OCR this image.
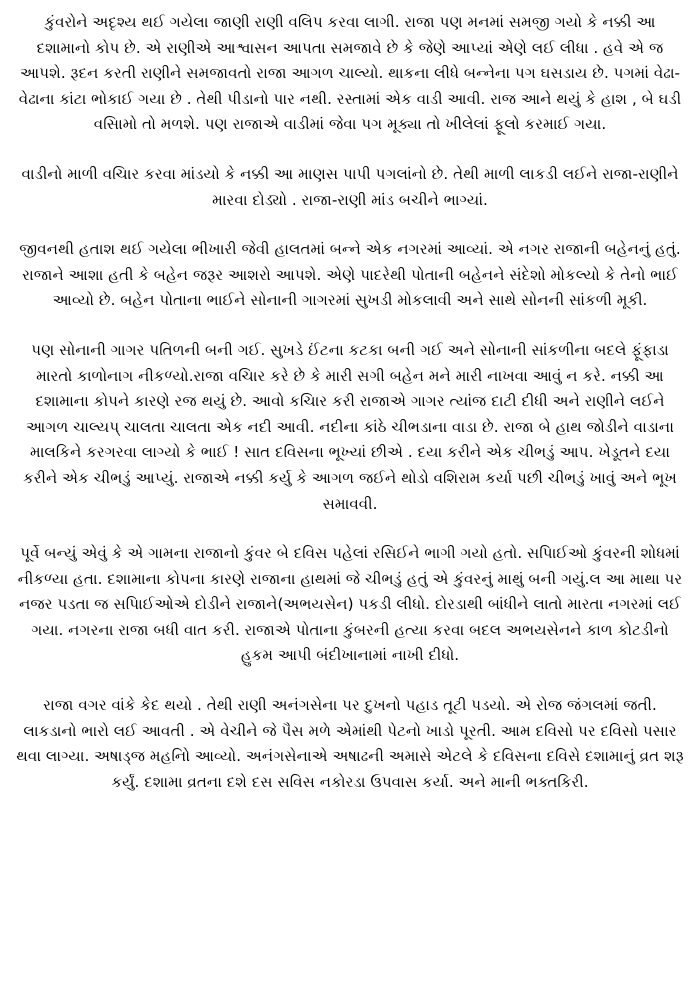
કુંવરોને અદૃશ્ય થઈ ગયેલા જાણી રાણી વલિપ કરવા લાગી. રાજા પણ મનમાં સમજી ગયો કે નક્કી આ દશામાનો કોપ છે. એ રાણીએ આશ્વાસન આપતા સમજાવે છે કે જેણે આપ્યાં એણે લઈ લીધા . હવે એ જ આપશે. રૂદન કરતી રાણીને સમજાવતો રાજા આગળ ચાલ્યો. થાકના લીધે બન્નેના પગ ઘસડાય છે. પગમાં વેઢા-વેઢાના કાંટા ભોકાઈ ગયા છે . તેથી પીડાનો પાર નથી. રસ્તામાં એક વાડી આવી. રાજ આને થયું કે હાશ , બે ઘડી વસિામો તો મળશે. પણ રાજાએ વાડીમાં જેવા પગ મૂક્યા તો ખીલેલાં ફૂલો કરમાઈ ગયા.

વાડીનો માળી વચિાર કરવા માંડયો કે નક્કી આ માણસ પાપી પગલાંનો છે. તેથી માળી લાકડી લઈને રાજા-રાણીને મારવા દોડ્યો . રાજા-રાણી માંડ બચીને ભાગ્યાં.

જીવનથી હતાશ થઈ ગયેલા ભીખારી જેવી હાલતમાં બન્ને એક નગરમાં આવ્યાં. એ નગર રાજાની બહેનનું હતું. રાજાને આશા હતી કે બહેન જરૂર આશરો આપશે. એણે પાદરેથી પોતાની બહેનને સંદેશો મોકલ્યો કે તેનો ભાઈ આવ્યો છે. બહેન પોતાના ભાઈને સોનાની ગાગરમાં સુખડી મોકલાવી અને સાથે સોનની સાંકળી મૂકી.

પણ સોનાની ગાગર પતિળની બની ગઈ. સુખડે ઈંટના કટકા બની ગઈ અને સોનાની સાંકળીના બદલે ફૂંફાડા મારતો કાળોનાગ નીકળ્યો.રાજા વચિાર કરે છે કે મારી સગી બહેન મને મારી નાખવા આવું ન કરે. નક્કી આ દશામાના કોપને કારણે રજ થયું છે. આવો કચિાર કરી રાજાએ ગાગર ત્યાંજ દાટી દીધી અને રાણીને લઈને આગળ ચાલ્યપ્ ચાલતા ચાલતા એક નદી આવી. નદીના કાંઠે ચીભડાના વાડા છે. રાજા બે હાથ જોડીને વાડાના માલકિને કરગરવા લાગ્યો કે ભાઈ ! સાત દવિસના ભૂખ્યાં છીએ . દયા કરીને એક ચીભડું આપ. ખેડૂતને દયા કરીને એક ચીભડું આપ્યું. રાજાએ નક્કી કર્યુ કે આગળ જઈને થોડો વશિરામ કર્યા પછી ચીભડું ખાવું અને ભૂખ સમાવવી.

પૂર્વે બન્યું એવું કે એ ગામના રાજાનો કુંવર બે દવિસ પહેલાં રસિઈને ભાગી ગયો હતો. સપિાઈઓ કુંવરની શોધમાં નીકળ્યા હતા. દશામાના કોપના કારણે રાજાના હાથમાં જે ચીભડું હતું એ કુંવરનું માથું બની ગયું.લ આ માથા પર નજર પડતા જ સપિાઈઓએ દોડીને રાજાને(અભયસેન) પકડી લીધો. દોરડાથી બાંધીને લાતો મારતા નગરમાં લઈ ગયા. નગરના રાજા બધી વાત કરી. રાજાએ પોતાના કુંબરની હત્યા કરવા બદલ અભયસેનને કાળ કોટડીનો હુકમ આપી બંદીખાનામાં નાખી દીધો.

રાજા વગર વાંકે કેદ થયો . તેથી રાણી અનંગસેના પર દુખનો પહાડ તૂટી પડયો. એ રોજ જંગલમાં જતી. લાકડાનો ભારો લઈ આવતી . એ વેચીને જે પૈસ મળે એમાંથી પેટનો ખાડો પૂરતી. આમ દવિસો પર દવિસો પસાર થવા લાગ્યા. અષાડ્જ મહનિો આવ્યો. અનંગસેનાએ અષાઢની અમાસે એટલે કે દવિસના દવિસે દશામાનું વ્રત શરૂ કર્યું. દશામા વ્રતના દશે દસ સવિસ નકોરડા ઉપવાસ કર્યા. અને માની ભક્તકિરી.
